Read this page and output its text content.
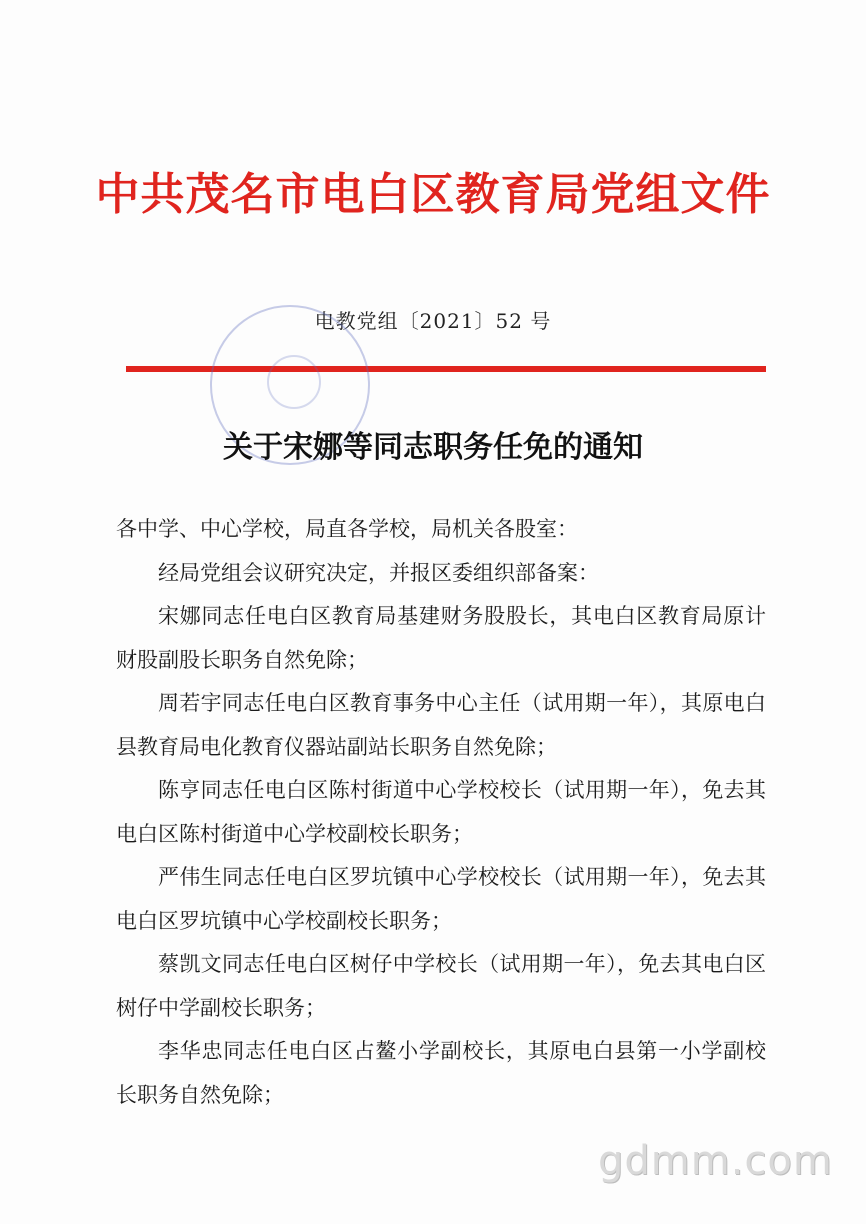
中共茂名市电白区教育局党组文件
电教党组〔2021〕52 号
关于宋娜等同志职务任免的通知

各中学、中心学校，局直各学校，局机关各股室：

经局党组会议研究决定，并报区委组织部备案：

宋娜同志任电白区教育局基建财务股股长，其电白区教育局原计财股副股长职务自然免除；

周若宇同志任电白区教育事务中心主任（试用期一年），其原电白县教育局电化教育仪器站副站长职务自然免除；

陈亨同志任电白区陈村街道中心学校校长（试用期一年），免去其电白区陈村街道中心学校副校长职务；

严伟生同志任电白区罗坑镇中心学校校长（试用期一年），免去其电白区罗坑镇中心学校副校长职务；

蔡凯文同志任电白区树仔中学校长（试用期一年），免去其电白区树仔中学副校长职务；

李华忠同志任电白区占鳌小学副校长，其原电白县第一小学副校长职务自然免除；

gdmm.com
